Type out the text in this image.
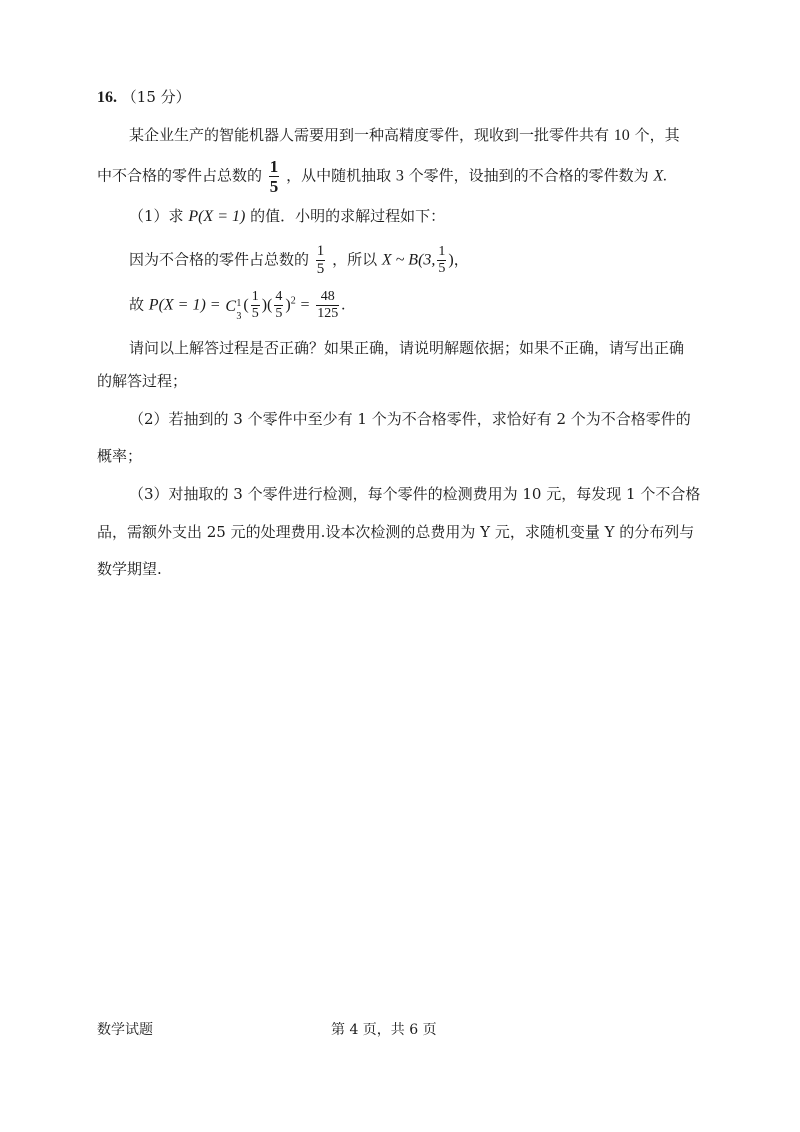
16. （15 分）
某企业生产的智能机器人需要用到一种高精度零件，现收到一批零件共有 10 个，其
中不合格的零件占总数的 $\frac{1}{5}$ ，从中随机抽取 3 个零件，设抽到的不合格的零件数为 X.
（1）求 P(X = 1) 的值．小明的求解过程如下：
因为不合格的零件占总数的 $\frac{1}{5}$ ，所以 X ~ B(3, $\frac{1}{5}$ )，
故 P(X = 1) = C 1
3
( $\frac{1}{5}$ )( $\frac{4}{5} )^2 = \frac{48}{125}$ .
请问以上解答过程是否正确？如果正确，请说明解题依据；如果不正确，请写出正确
的解答过程；
（2）若抽到的 3 个零件中至少有 1 个为不合格零件，求恰好有 2 个为不合格零件的
概率；
（3）对抽取的 3 个零件进行检测，每个零件的检测费用为 10 元，每发现 1 个不合格
品，需额外支出 25 元的处理费用.设本次检测的总费用为 Y 元，求随机变量 Y 的分布列与
数学期望.
数学试题	第 4 页，共 6 页
